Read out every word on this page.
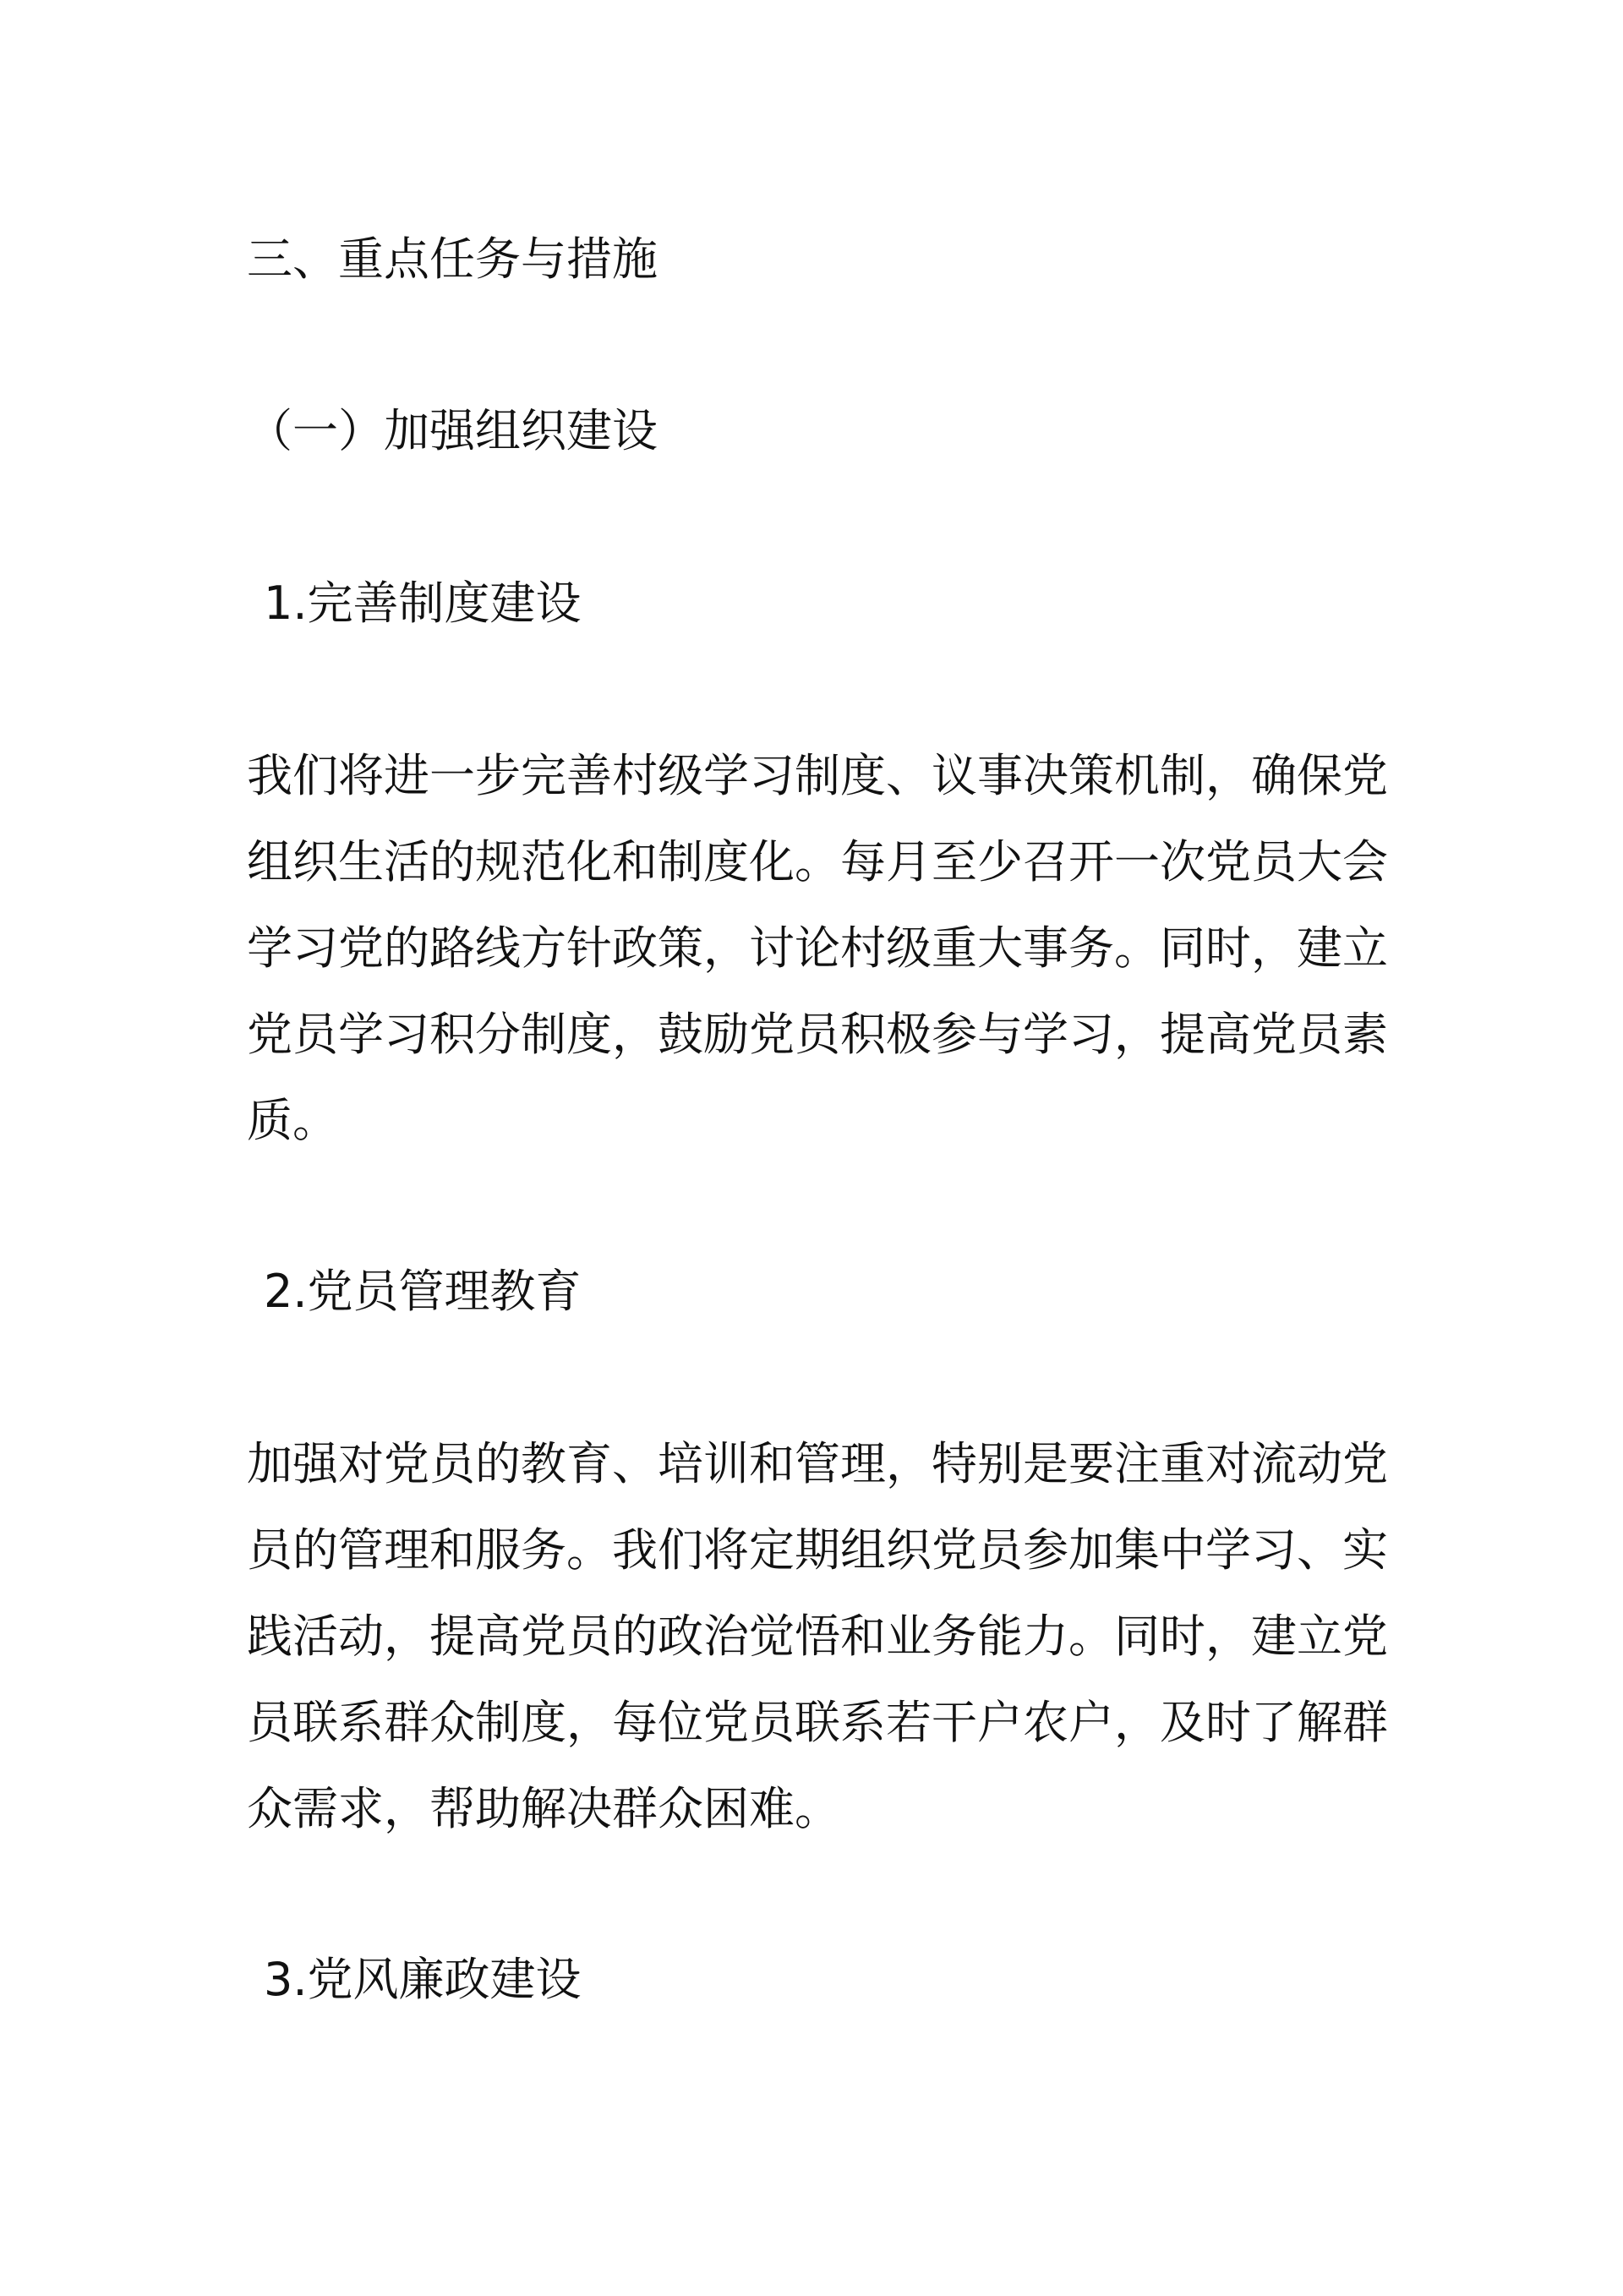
三、重点任务与措施
（一）加强组织建设
1.完善制度建设
我们将进一步完善村级学习制度、议事决策机制，确保党
组织生活的规范化和制度化。每月至少召开一次党员大会
学习党的路线方针政策，讨论村级重大事务。同时，建立
党员学习积分制度，鼓励党员积极参与学习，提高党员素
质。
2.党员管理教育
加强对党员的教育、培训和管理，特别是要注重对流动党
员的管理和服务。我们将定期组织党员参加集中学习、实
践活动，提高党员的政治觉悟和业务能力。同时，建立党
员联系群众制度，每位党员联系若干户农户，及时了解群
众需求，帮助解决群众困难。
3.党风廉政建设
